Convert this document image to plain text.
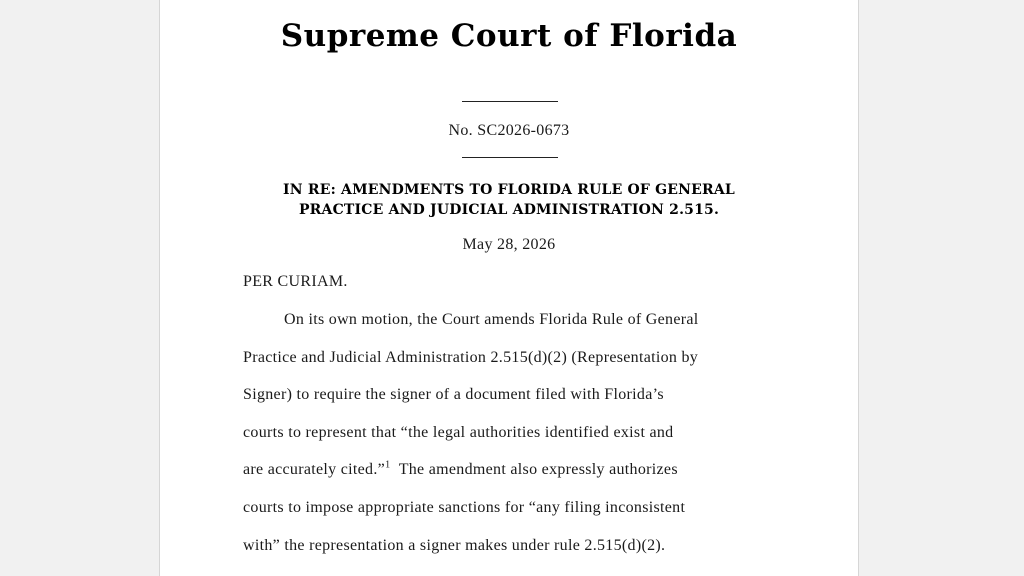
Supreme Court of Florida
No. SC2026-0673
IN RE: AMENDMENTS TO FLORIDA RULE OF GENERAL
PRACTICE AND JUDICIAL ADMINISTRATION 2.515.
May 28, 2026
PER CURIAM.
On its own motion, the Court amends Florida Rule of General
Practice and Judicial Administration 2.515(d)(2) (Representation by
Signer) to require the signer of a document filed with Florida’s
courts to represent that “the legal authorities identified exist and
are accurately cited.”$^1$ The amendment also expressly authorizes
courts to impose appropriate sanctions for “any filing inconsistent
with” the representation a signer makes under rule 2.515(d)(2).
